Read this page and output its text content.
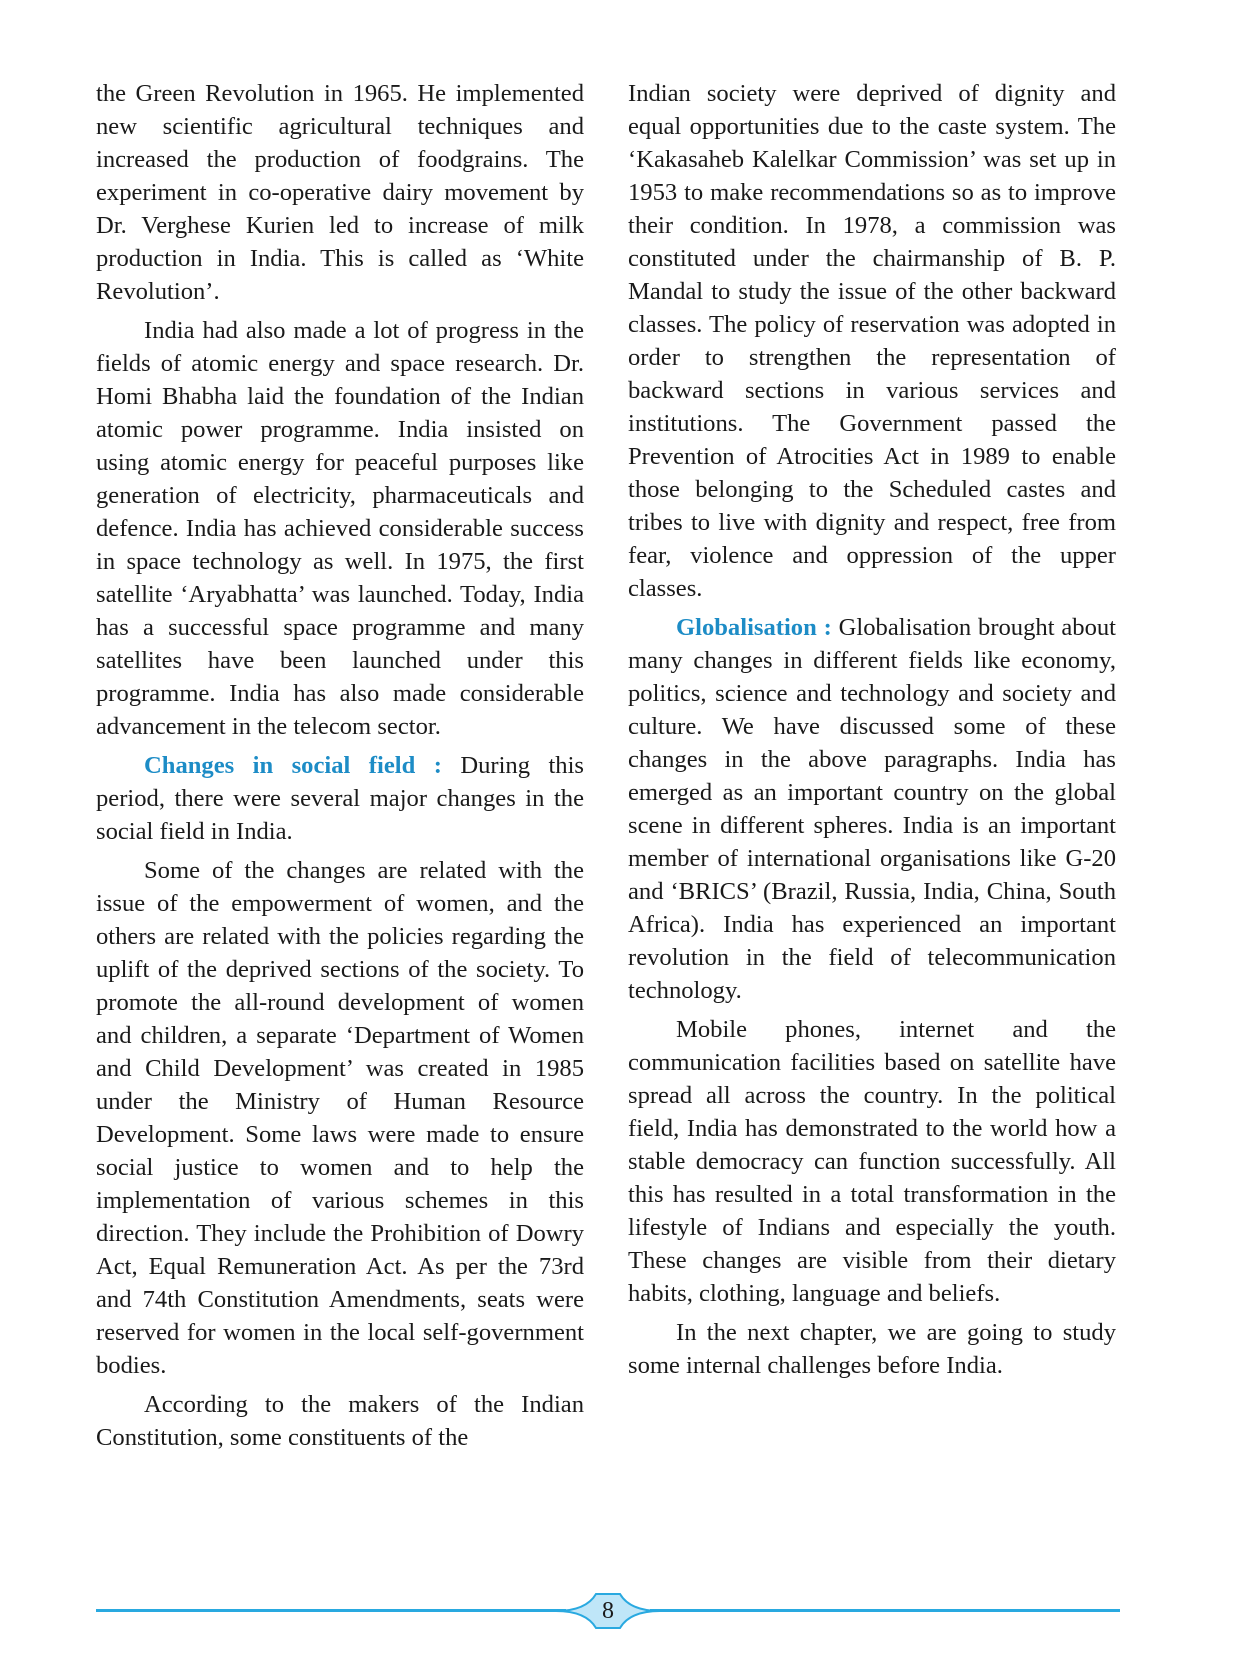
the Green Revolution in 1965. He implemented new scientific agricultural techniques and increased the production of foodgrains. The experiment in co-operative dairy movement by Dr. Verghese Kurien led to increase of milk production in India. This is called as ‘White Revolution’.

India had also made a lot of progress in the fields of atomic energy and space research. Dr. Homi Bhabha laid the foundation of the Indian atomic power programme. India insisted on using atomic energy for peaceful purposes like generation of electricity, pharmaceuticals and defence. India has achieved considerable success in space technology as well. In 1975, the first satellite ‘Aryabhatta’ was launched. Today, India has a successful space programme and many satellites have been launched under this programme. India has also made considerable advancement in the telecom sector.

Changes in social field : During this period, there were several major changes in the social field in India.

Some of the changes are related with the issue of the empowerment of women, and the others are related with the policies regarding the uplift of the deprived sections of the society. To promote the all-round development of women and children, a separate ‘Department of Women and Child Development’ was created in 1985 under the Ministry of Human Resource Development. Some laws were made to ensure social justice to women and to help the implementation of various schemes in this direction. They include the Prohibition of Dowry Act, Equal Remuneration Act. As per the 73rd and 74th Constitution Amendments, seats were reserved for women in the local self-government bodies.

According to the makers of the Indian Constitution, some constituents of the

Indian society were deprived of dignity and equal opportunities due to the caste system. The ‘Kakasaheb Kalelkar Commission’ was set up in 1953 to make recommendations so as to improve their condition. In 1978, a commission was constituted under the chairmanship of B. P. Mandal to study the issue of the other backward classes. The policy of reservation was adopted in order to strengthen the representation of backward sections in various services and institutions. The Government passed the Prevention of Atrocities Act in 1989 to enable those belonging to the Scheduled castes and tribes to live with dignity and respect, free from fear, violence and oppression of the upper classes.

Globalisation : Globalisation brought about many changes in different fields like economy, politics, science and technology and society and culture. We have discussed some of these changes in the above paragraphs. India has emerged as an important country on the global scene in different spheres. India is an important member of international organisations like G-20 and ‘BRICS’ (Brazil, Russia, India, China, South Africa). India has experienced an important revolution in the field of telecommunication technology.

Mobile phones, internet and the communication facilities based on satellite have spread all across the country. In the political field, India has demonstrated to the world how a stable democracy can function successfully. All this has resulted in a total transformation in the lifestyle of Indians and especially the youth. These changes are visible from their dietary habits, clothing, language and beliefs.

In the next chapter, we are going to study some internal challenges before India.

8
